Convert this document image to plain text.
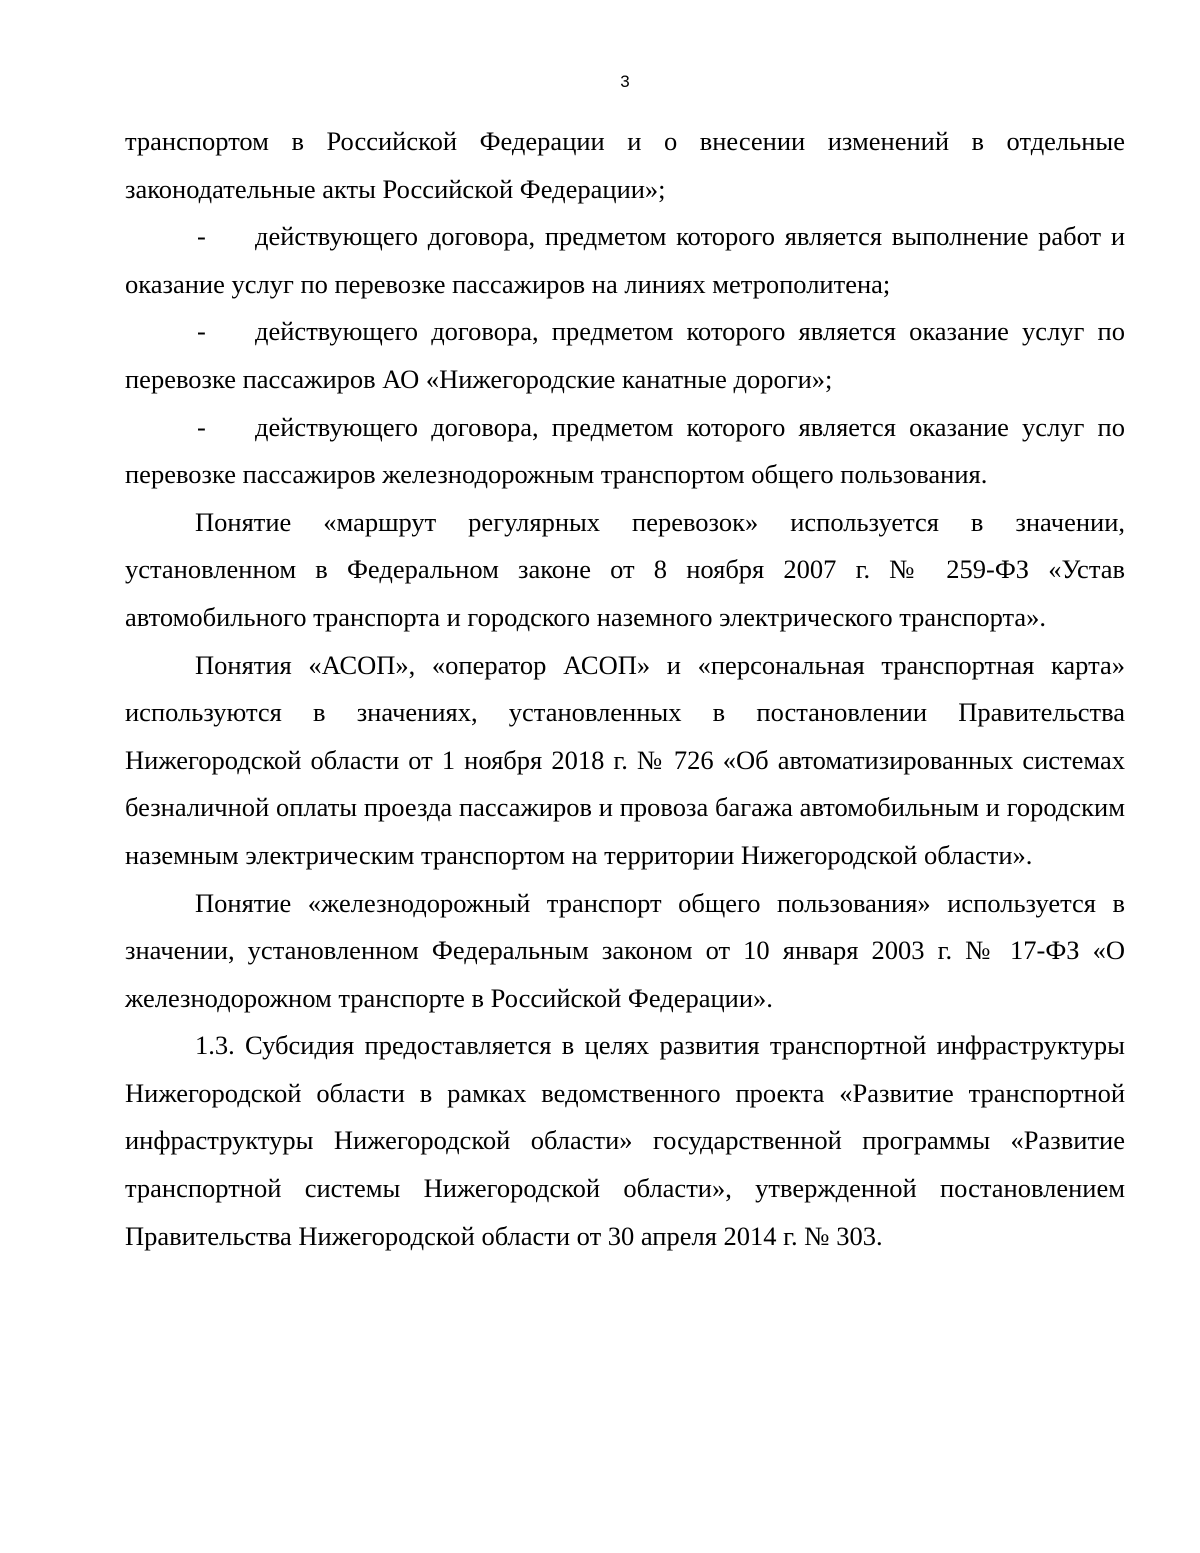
3

транспортом в Российской Федерации и о внесении изменений в отдельные законодательные акты Российской Федерации»;

- действующего договора, предметом которого является выполнение работ и оказание услуг по перевозке пассажиров на линиях метрополитена;

- действующего договора, предметом которого является оказание услуг по перевозке пассажиров АО «Нижегородские канатные дороги»;

- действующего договора, предметом которого является оказание услуг по перевозке пассажиров железнодорожным транспортом общего пользования.

Понятие «маршрут регулярных перевозок» используется в значении, установленном в Федеральном законе от 8 ноября 2007 г. № 259-ФЗ «Устав автомобильного транспорта и городского наземного электрического транспорта».

Понятия «АСОП», «оператор АСОП» и «персональная транспортная карта» используются в значениях, установленных в постановлении Правительства Нижегородской области от 1 ноября 2018 г. № 726 «Об автоматизированных системах безналичной оплаты проезда пассажиров и провоза багажа автомобильным и городским наземным электрическим транспортом на территории Нижегородской области».

Понятие «железнодорожный транспорт общего пользования» используется в значении, установленном Федеральным законом от 10 января 2003 г. № 17-ФЗ «О железнодорожном транспорте в Российской Федерации».

1.3. Субсидия предоставляется в целях развития транспортной инфраструктуры Нижегородской области в рамках ведомственного проекта «Развитие транспортной инфраструктуры Нижегородской области» государственной программы «Развитие транспортной системы Нижегородской области», утвержденной постановлением Правительства Нижегородской области от 30 апреля 2014 г. № 303.
